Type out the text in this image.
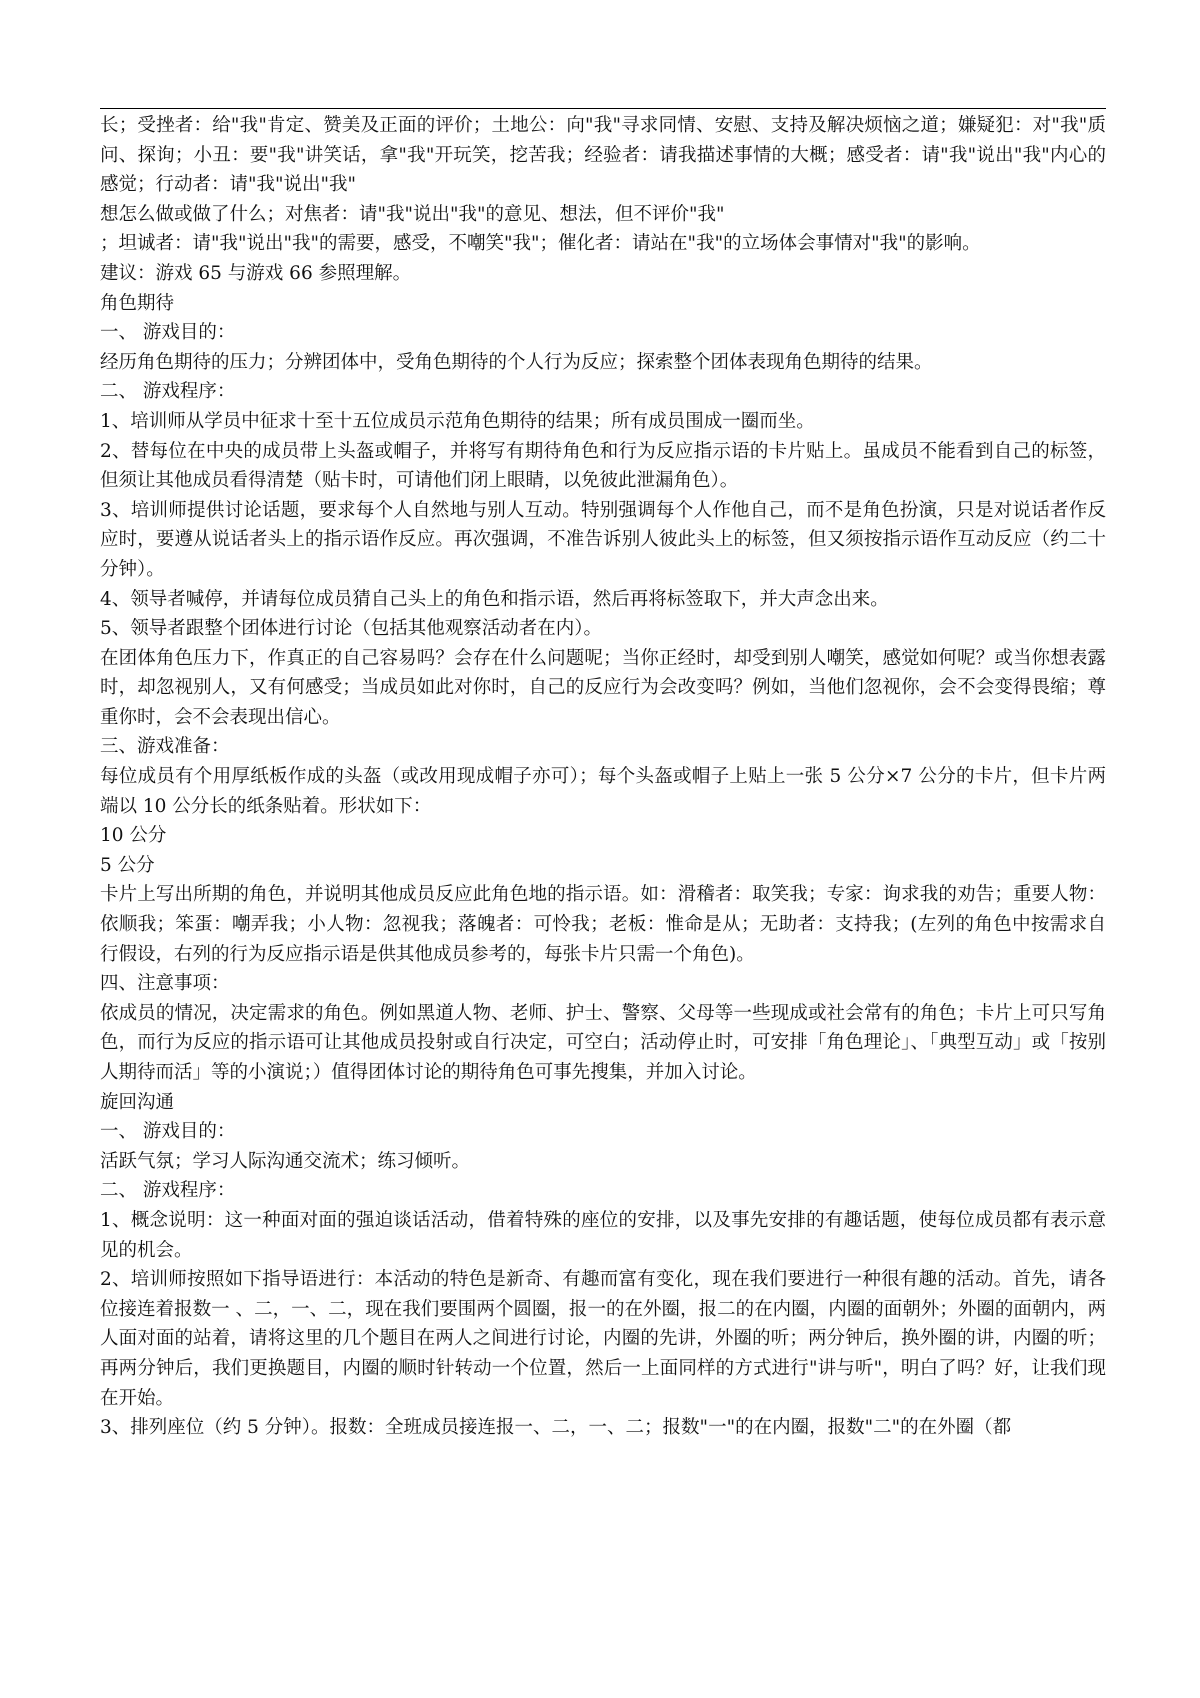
长；受挫者：给"我"肯定、赞美及正面的评价；土地公：向"我"寻求同情、安慰、支持及解决烦恼之道；嫌疑犯：对"我"质问、探询；小丑：要"我"讲笑话，拿"我"开玩笑，挖苦我；经验者：请我描述事情的大概；感受者：请"我"说出"我"内心的感觉；行动者：请"我"说出"我"

想怎么做或做了什么；对焦者：请"我"说出"我"的意见、想法，但不评价"我"

；坦诚者：请"我"说出"我"的需要，感受，不嘲笑"我"；催化者：请站在"我"的立场体会事情对"我"的影响。

建议：游戏 65 与游戏 66 参照理解。

角色期待

一、 游戏目的：

经历角色期待的压力；分辨团体中，受角色期待的个人行为反应；探索整个团体表现角色期待的结果。

二、 游戏程序：

1、培训师从学员中征求十至十五位成员示范角色期待的结果；所有成员围成一圈而坐。

2、替每位在中央的成员带上头盔或帽子，并将写有期待角色和行为反应指示语的卡片贴上。虽成员不能看到自己的标签，但须让其他成员看得清楚（贴卡时，可请他们闭上眼睛，以免彼此泄漏角色）。

3、培训师提供讨论话题，要求每个人自然地与别人互动。特别强调每个人作他自己，而不是角色扮演，只是对说话者作反应时，要遵从说话者头上的指示语作反应。再次强调，不准告诉别人彼此头上的标签，但又须按指示语作互动反应（约二十分钟）。

4、领导者喊停，并请每位成员猜自己头上的角色和指示语，然后再将标签取下，并大声念出来。

5、领导者跟整个团体进行讨论（包括其他观察活动者在内）。

在团体角色压力下，作真正的自己容易吗？会存在什么问题呢；当你正经时，却受到别人嘲笑，感觉如何呢？或当你想表露时，却忽视别人，又有何感受；当成员如此对你时，自己的反应行为会改变吗？例如，当他们忽视你，会不会变得畏缩；尊重你时，会不会表现出信心。

三、游戏准备：

每位成员有个用厚纸板作成的头盔（或改用现成帽子亦可）；每个头盔或帽子上贴上一张 5 公分×7 公分的卡片，但卡片两端以 10 公分长的纸条贴着。形状如下：

10 公分

5 公分

卡片上写出所期的角色，并说明其他成员反应此角色地的指示语。如：滑稽者：取笑我；专家：询求我的劝告；重要人物：依顺我；笨蛋：嘲弄我；小人物：忽视我；落魄者：可怜我；老板：惟命是从；无助者：支持我；(左列的角色中按需求自行假设，右列的行为反应指示语是供其他成员参考的，每张卡片只需一个角色)。

四、注意事项：

依成员的情况，决定需求的角色。例如黑道人物、老师、护士、警察、父母等一些现成或社会常有的角色；卡片上可只写角色，而行为反应的指示语可让其他成员投射或自行决定，可空白；活动停止时，可安排「角色理论」、「典型互动」或「按别人期待而活」等的小演说；）值得团体讨论的期待角色可事先搜集，并加入讨论。

旋回沟通

一、 游戏目的：

活跃气氛；学习人际沟通交流术；练习倾听。

二、 游戏程序：

1、概念说明：这一种面对面的强迫谈话活动，借着特殊的座位的安排，以及事先安排的有趣话题，使每位成员都有表示意见的机会。

2、培训师按照如下指导语进行：本活动的特色是新奇、有趣而富有变化，现在我们要进行一种很有趣的活动。首先，请各位接连着报数一 、二，一、二，现在我们要围两个圆圈，报一的在外圈，报二的在内圈，内圈的面朝外；外圈的面朝内，两人面对面的站着，请将这里的几个题目在两人之间进行讨论，内圈的先讲，外圈的听；两分钟后，换外圈的讲，内圈的听；再两分钟后，我们更换题目，内圈的顺时针转动一个位置，然后一上面同样的方式进行"讲与听"，明白了吗？好，让我们现在开始。

3、排列座位（约 5 分钟）。报数：全班成员接连报一、二，一、二；报数"一"的在内圈，报数"二"的在外圈（都
